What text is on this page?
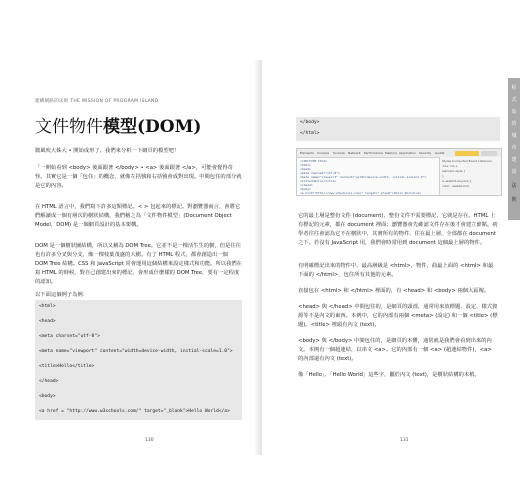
建構網路的法則 THE MISSION OF PROGRAM ISLAND
文件物件模型(DOM)

微風吹大姊大 • 開始成形了。我們來分析一下網頁的模型吧！

「一開始看到 <body> 後面跟著 </body> • <a> 後面跟著 </a>，可能會覺得奇怪。其實它是一個「包住」的概念，就像左括號和右括號會成對出現。中間包住的部分就是它的內容。

在 HTML 語言中，我們寫下許多這類標記。< > 包起來的標記。對瀏覽器而言，會將它們解讀成一個有層次的樹狀結構，我們稱之為「文件物件模型」(Document Object Model，DOM) 是一個網頁設計的基本架構。

DOM 是一個樹狀圖結構，所以又稱為 DOM Tree。它並不是一棵活生生的樹，但是往往也有許多分叉與分支，像一棵枝葉茂盛的大樹。有了 HTML 程式，都會創造出一個 DOM Tree 結構。CSS 和 JavaScript 常會運用這個結構來設定樣式和功能。所以我們在寫 HTML 的時候，對自己創建出來的標記，會形成什麼樣的 DOM Tree，要有一定程度的認知。

以下面這個例子為例：

<html>
<head>
<meta charset="utf-8">
<meta name="viewport" content="width=device-width, initial-scale=1.0">
<title>Hello</title>
</head>
<body>
<a href = "http://www.w3schools.com/" target="_blank">Hello World</a>
130
</body>
</html>
Elements Console Sources Network Performance Memory Application Security Audits
<!DOCTYPE html>
<html>
<head>
<meta charset="utf-8">
<meta name="viewport" content="width=device-width, initial-scale=1.0">
<title>Hello</title>
</head>
<body>
<a href="http://www.w3schools.com/" target="_blank">Hello World</a>
Styles Computed Event Listeners
:hov .cls +
element.style {
}
a:-webkit-any-link {
color: -webkit-link;

它的最上層是整份文件 (document)，整份文件不需要標記，它就是存在。HTML 上有標記的元素，都在 document 裡面；瀏覽器會先確認文件存在後才會建立節點。初學者往往會認為它不在樹狀中，其實所有的物件，住在最上層，全部都在 document 之下。若沒有 JavaScript 用，我們會時常用到 document 這個最上層的物件。

有明確標記出來的物件中，最高層級是 <html>，物件，曲最上面的 <html> 和最下面的 </html>，包住所有其他的元素。

直接包在 <html> 和 </html> 裡面的，有 <head> 和 <body> 兩個大區塊。

<head> 與 </head> 中間包住的，是網頁的頭部，通常用來放標題、設定、樣式資源等不是內文的東西。本例中，它的內部有兩個 <meta> (設定) 和一個 <title> (標題)。<title> 裡頭有內文 (text)。

<body> 與 </body> 中間包住的，是網頁的本體，通常就是我們會看到出來的內文。本例有一個超連結，以串文 <a>。它的內部有一個 <a> (超連結物件)，<a> 的內部還有內文 (text)。

像「Hello」、「Hello World」這些字，屬於內文 (text)，是樹狀結構的末梢。

131
程
式
島
的
城
市
建
設
法
則
